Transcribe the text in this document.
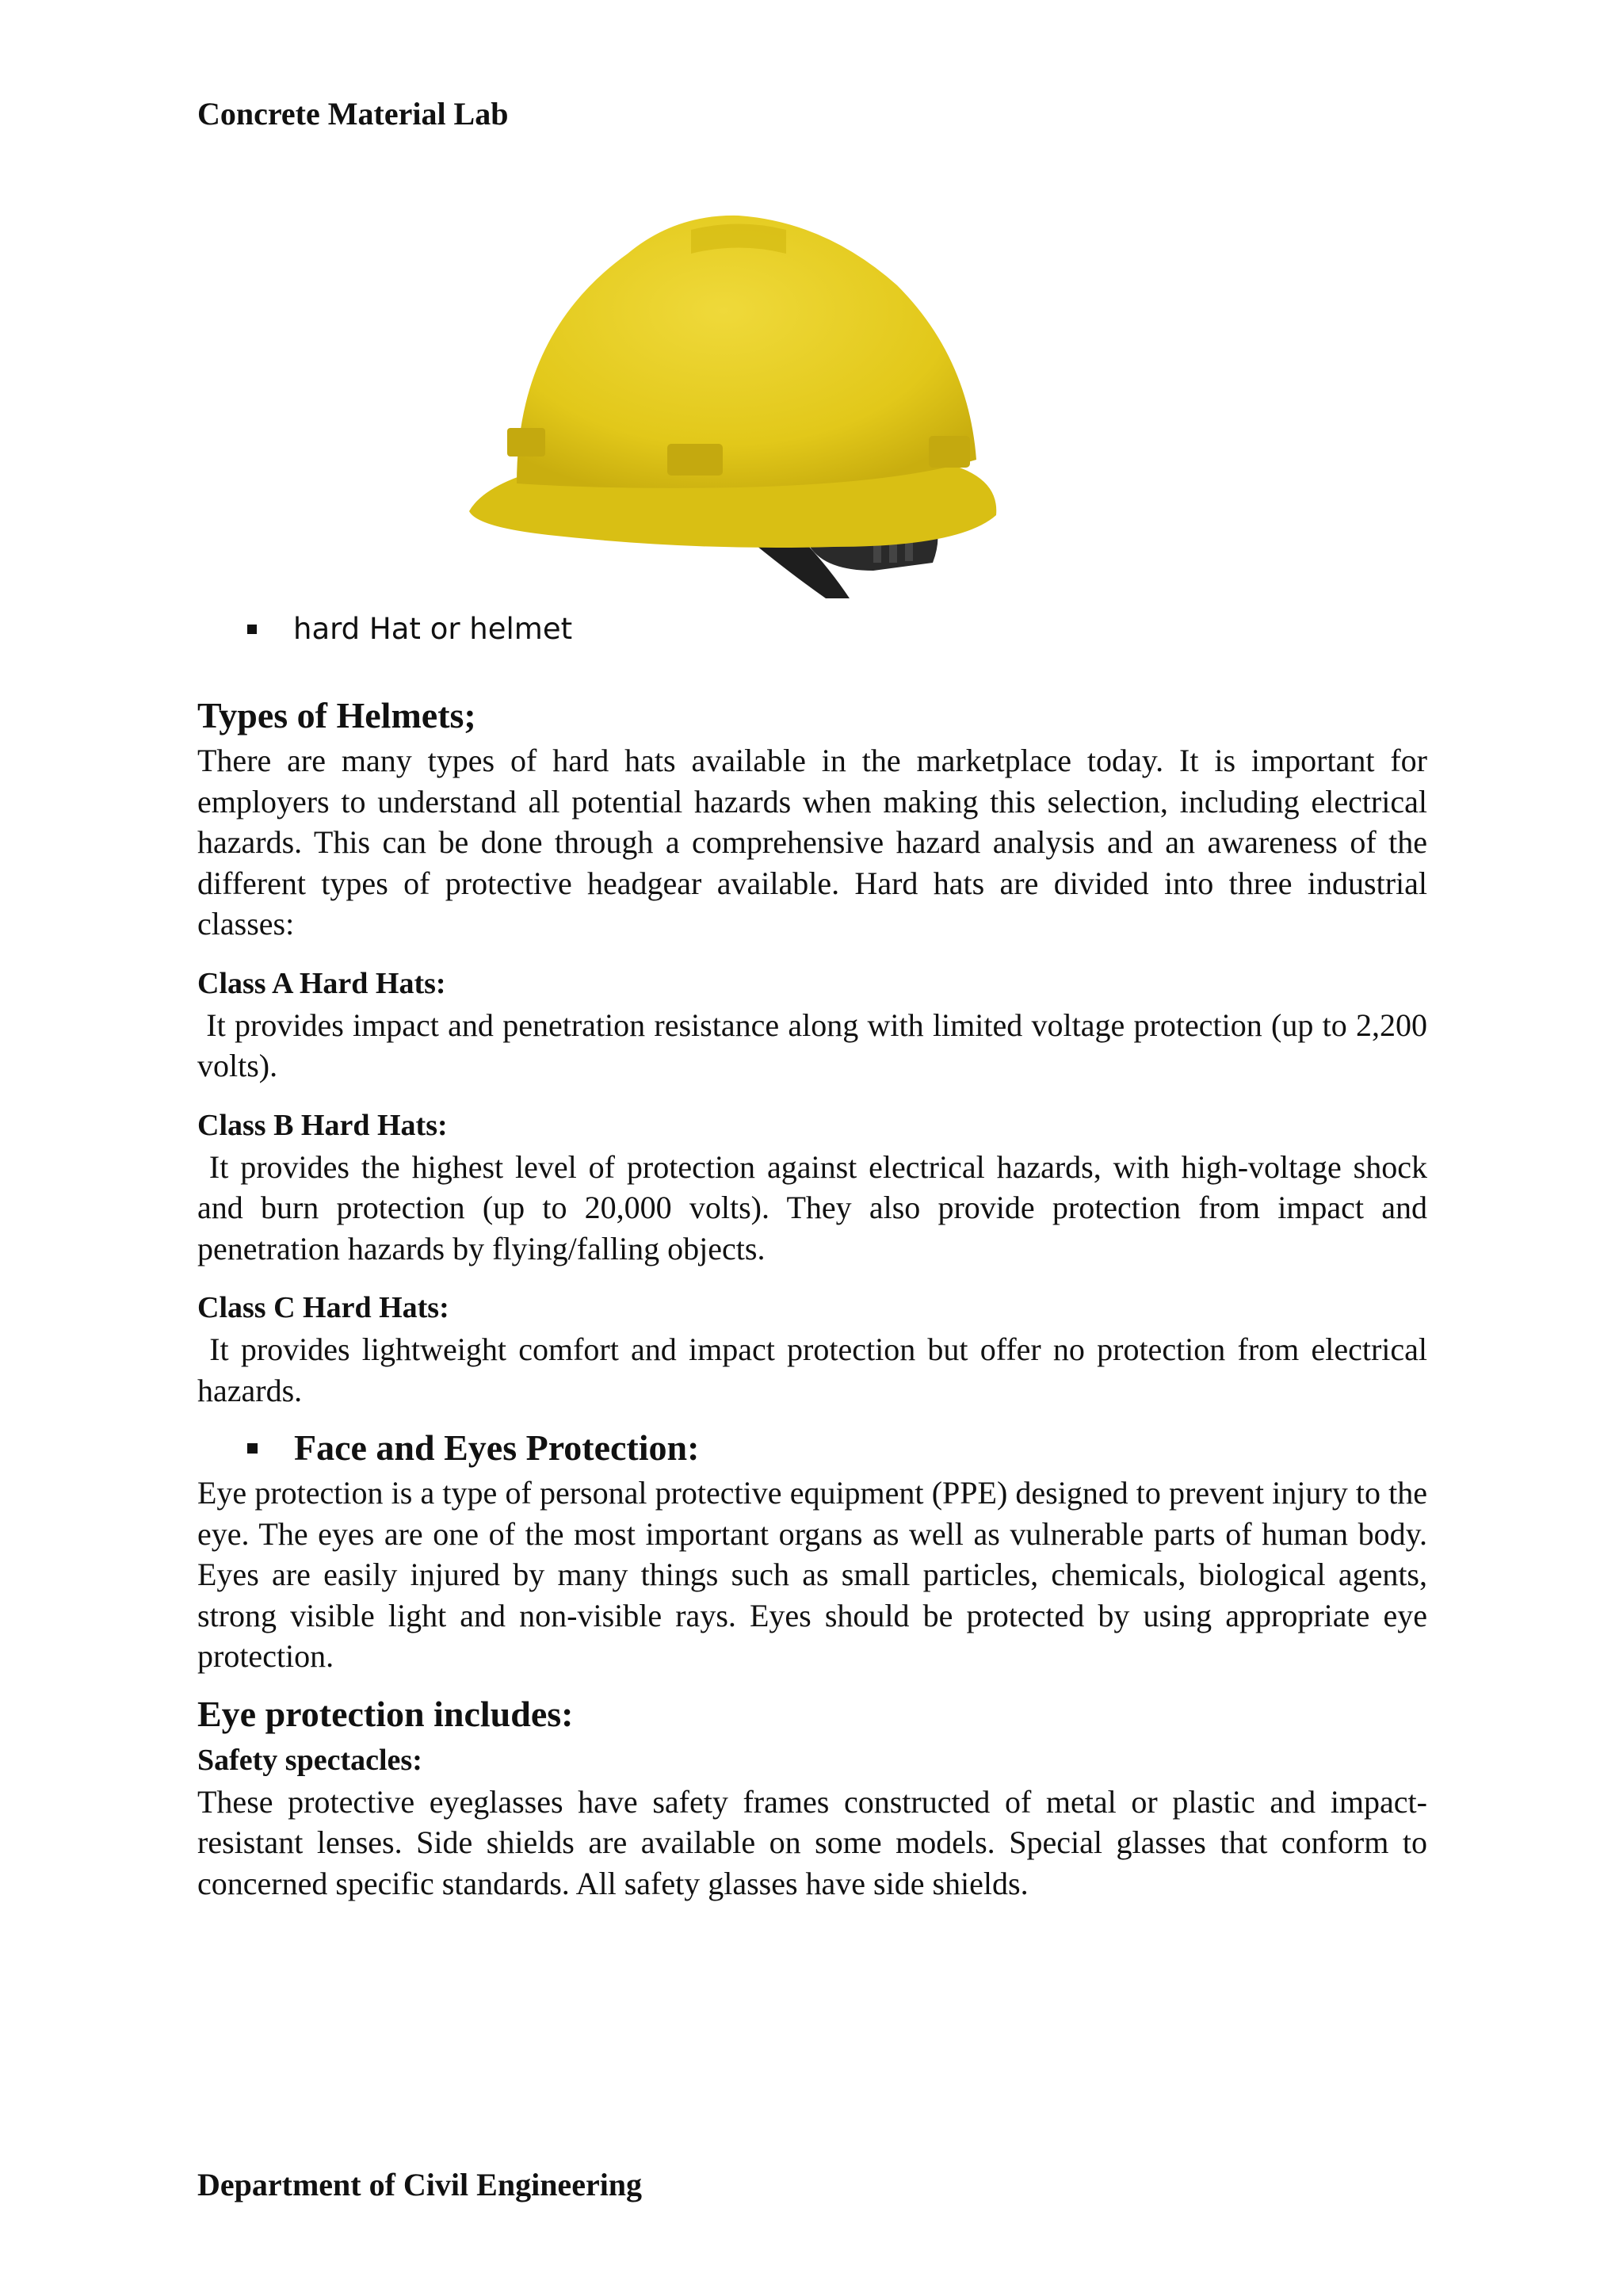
Concrete Material Lab
hard Hat or helmet
Types of Helmets;

There are many types of hard hats available in the marketplace today. It is important for employers to understand all potential hazards when making this selection, including electrical hazards. This can be done through a comprehensive hazard analysis and an awareness of the different types of protective headgear available. Hard hats are divided into three industrial classes:

Class A Hard Hats:

It provides impact and penetration resistance along with limited voltage protection (up to 2,200 volts).

Class B Hard Hats:

It provides the highest level of protection against electrical hazards, with high-voltage shock and burn protection (up to 20,000 volts). They also provide protection from impact and penetration hazards by flying/falling objects.

Class C Hard Hats:

It provides lightweight comfort and impact protection but offer no protection from electrical hazards.

Face and Eyes Protection:

Eye protection is a type of personal protective equipment (PPE) designed to prevent injury to the eye. The eyes are one of the most important organs as well as vulnerable parts of human body. Eyes are easily injured by many things such as small particles, chemicals, biological agents, strong visible light and non-visible rays. Eyes should be protected by using appropriate eye protection.

Eye protection includes:
Safety spectacles:

These protective eyeglasses have safety frames constructed of metal or plastic and impact-resistant lenses. Side shields are available on some models. Special glasses that conform to concerned specific standards. All safety glasses have side shields.

Department of Civil Engineering
